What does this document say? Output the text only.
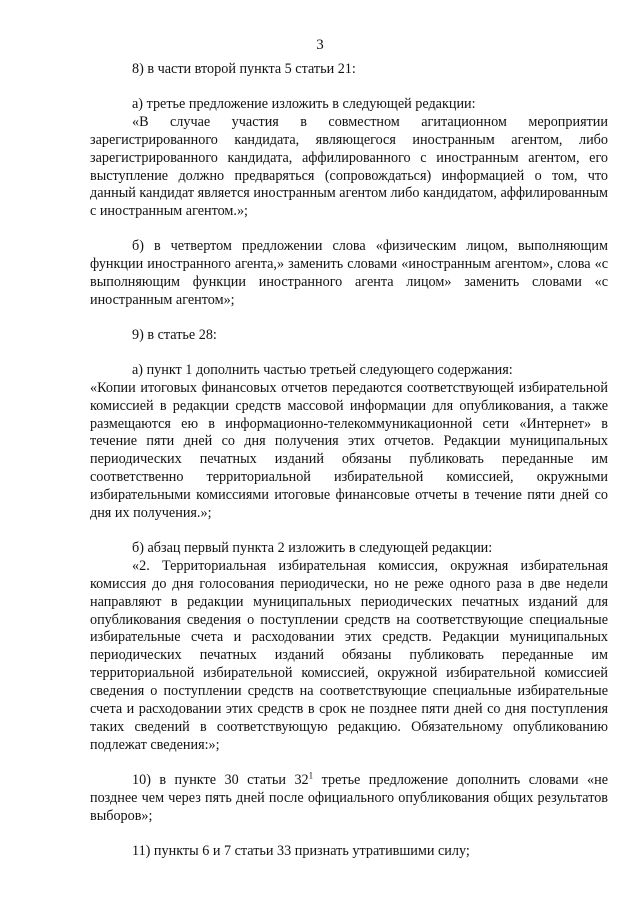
3

8) в части второй пункта 5 статьи 21:

а) третье предложение изложить в следующей редакции:

«В случае участия в совместном агитационном мероприятии зарегистрированного кандидата, являющегося иностранным агентом, либо зарегистрированного кандидата, аффилированного с иностранным агентом, его выступление должно предваряться (сопровождаться) информацией о том, что данный кандидат является иностранным агентом либо кандидатом, аффилированным с иностранным агентом.»;

б) в четвертом предложении слова «физическим лицом, выполняющим функции иностранного агента,» заменить словами «иностранным агентом», слова «с выполняющим функции иностранного агента лицом» заменить словами «с иностранным агентом»;

9) в статье 28:

а) пункт 1 дополнить частью третьей следующего содержания:

«Копии итоговых финансовых отчетов передаются соответствующей избирательной комиссией в редакции средств массовой информации для опубликования, а также размещаются ею в информационно-телекоммуникационной сети «Интернет» в течение пяти дней со дня получения этих отчетов. Редакции муниципальных периодических печатных изданий обязаны публиковать переданные им соответственно территориальной избирательной комиссией, окружными избирательными комиссиями итоговые финансовые отчеты в течение пяти дней со дня их получения.»;

б) абзац первый пункта 2 изложить в следующей редакции:

«2. Территориальная избирательная комиссия, окружная избирательная комиссия до дня голосования периодически, но не реже одного раза в две недели направляют в редакции муниципальных периодических печатных изданий для опубликования сведения о поступлении средств на соответствующие специальные избирательные счета и расходовании этих средств. Редакции муниципальных периодических печатных изданий обязаны публиковать переданные им территориальной избирательной комиссией, окружной избирательной комиссией сведения о поступлении средств на соответствующие специальные избирательные счета и расходовании этих средств в срок не позднее пяти дней со дня поступления таких сведений в соответствующую редакцию. Обязательному опубликованию подлежат сведения:»;

10) в пункте 30 статьи $32^1$ третье предложение дополнить словами «не позднее чем через пять дней после официального опубликования общих результатов выборов»;

11) пункты 6 и 7 статьи 33 признать утратившими силу;
